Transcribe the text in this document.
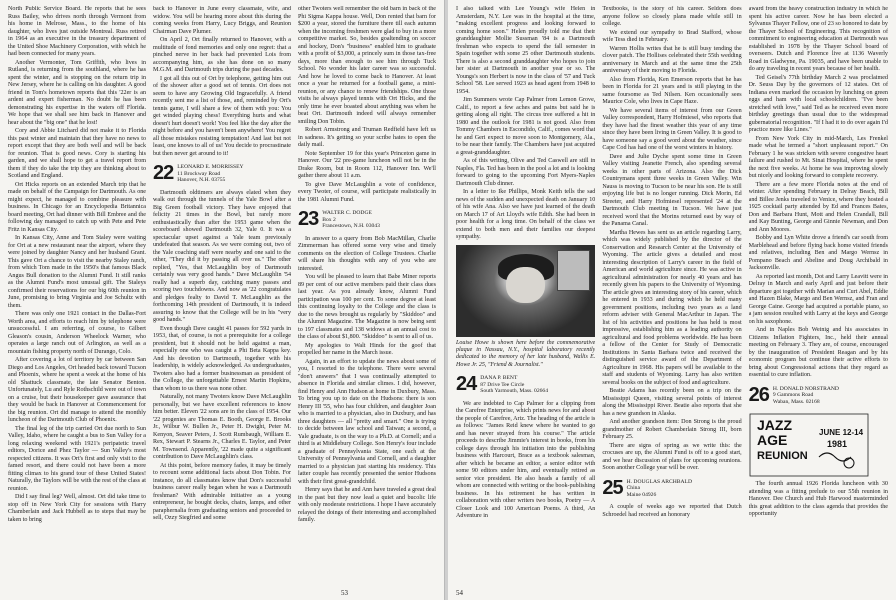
North Public Service Board. He reports that he sees Russ Bailey, who drives north through Vermont from his home in Melrose, Mass., to the home of his daughter, who lives just outside Montreal. Russ retired in 1964 as an executive in the treasury department of the United Shoe Machinery Corporation, with which he had been connected for many years.

Another Vermonter, Tom Griffith, who lives in Rutland, is returning from the southland, where he has spent the winter, and is stopping on the return trip in New Jersey, where he is calling on his daughter. A good friend in Tom's hometown reports that this '22er is an ardent and expert fisherman. No doubt he has been demonstrating his expertise in the waters off Florida. We hope that we shall see him back in Hanover and hear about the "big one" that he lost!

Cory and Abbie Litchard did not make it to Florida this past winter and maintain that they have no news to report except that they are both well and will be back for reunion. That is good news. Cory is starting his garden, and we shall hope to get a travel report from them if they do take the trip they are thinking about to Scotland and England.

Ort Hicks reports on an extended March trip that he made on behalf of the Campaign for Dartmouth. As one might expect, he managed to combine pleasure with business. In Chicago for an Encyclopedia Britannica board meeting, Ort had dinner with Bill Embree and the following day managed to catch up with Pete and Pete Fritz in Kansas City.

In Kansas City, Anne and Tom Staley were waiting for Ort at a new restaurant near the airport, where they were joined by daughter Nancy and her husband Grant. This gave Ort a chance to visit the nearby Staley ranch, from which Tom made in the 1950's that famous Black Angus Bull donation to the Alumni Fund. It still ranks as the Alumni Fund's most unusual gift. The Staleys confirmed their reservations for our big 60th reunion in June, promising to bring Virginia and Joe Schultz with them.

There was only one 1921 contact in the Dallas-Fort Worth area, and efforts to reach him by telephone were unsuccessful. I am referring, of course, to Gilbert Gleason's cousin, Anderson Wheelock Warner, who operates a large ranch out of Arlington, as well as a mountain fishing property north of Durango, Colo.

After covering a lot of territory by car between San Diego and Los Angeles, Ort headed back toward Tucson and Phoenix, where he spent a week at the home of his old Shattuck classmate, the late Senator Benton. Unfortunately, Lu and Ryle Rothschild were out of town on a cruise, but their housekeeper gave assurance that they would be back in Hanover at Commencement for the big reunion. Ort did manage to attend the monthly luncheon of the Dartmouth Club of Phoenix.

The final leg of the trip carried Ort due north to Sun Valley, Idaho, where he caught a bus to Sun Valley for a long relaxing weekend with 1921's peripatetic travel editors, Dorice and Phez Taylor — Sun Valley's most respected citizens. It was Ort's first and only visit to the famed resort, and there could not have been a more fitting climax to his grand tour of these United States! Naturally, the Taylors will be with the rest of the class at reunion.

Did I say final leg? Well, almost. Ort did take time to stop off in New York City for sessions with Harry Chamberlain and Jack Hubbell as to steps that may be taken to bring

back to Hanover in June every classmate, wife, and widow. You will be hearing more about this during the coming weeks from Harry, Lucy Briggs, and Reunion Chairman Dave Plumer.

On April 2, Ort finally returned to Hanover, with a multitude of fond memories and only one regret: that a pinched nerve in her back had prevented Lois from accompanying him, as she has done on so many M.G.M. and Dartmouth trips during the past decades.

I got all this out of Ort by telephone, getting him out of the shower after a good set of tennis. Ort does not seem to have any Growing Old Ingracefully. A friend recently sent me a list of those, and, reminded by Ort's tennis game, I will share a few of them with you: You get winded playing chess! Everything hurts and what doesn't hurt doesn't work! You feel like the day after the night before and you haven't been anywhere! You regret all those mistakes resisting temptation! And last but not least, one knows to all of us! You decide to procrastinate but then never get around to it!

22 LEONARD E. MORRISSEY
11 Brockway Road
Hanover, N.H. 03755

Dartmouth oldtimers are always elated when they walk out through the tunnels of the Yale Bowl after a Big Green football victory. They have enjoyed that felicity 21 times in the Bowl, but rarely more enthusiastically than after the 1953 game when the scoreboard showed Dartmouth 32, Yale 0. It was a spectacular upset against a Yale team previously undefeated that season. As we were coming out, two of the Yale coaching staff were nearby and one said to the other, "They did it by passing all over us." The other replied, "Yes, that McLaughlin boy of Dartmouth certainly was very good hands." Dave McLaughlin '54 really had a superb day, catching many passes and scoring two touchdowns. And now as '22 congratulates and pledges fealty to David T. McLaughlin as the forthcoming 14th president of Dartmouth, it is indeed assuring to know that the College will be in his "very good hands."

Even though Dave caught 41 passes for 592 yards in 1953, that, of course, is not a prerequisite for a college president, but it should not be held against a man, especially one who was caught a Phi Beta Kappa key. And his devotion to Dartmouth, together with his leadership, is widely acknowledged. As undergraduates, Twoters also had a former businessman as president of the College, the unforgettable Ernest Martin Hopkins, than whom to us there was none other.

Naturally, not many Twoters know Dave McLaughlin personally, but we have excellent references to know him better. Eleven '22 sons are in the class of 1954. Our '22 progenies are Thomas E. Booth, George E. Brooks Jr., Wilbur W. Bullen Jr., Peter H. Dwight, Peter M. Kenyon, Seaver Peters, J. Scott Rumbaugh, William E. Rex, Stewart P. Stearns Jr., Charles E. Taylor, and Peter M. Townsend. Apparently, '22 made quite a significant contribution to Dave McLaughlin's class.

At this point, before memory fades, it may be timely to recount some additional facts about Don Tobin. For instance, do all classmates know that Don's successful business career really began when he was a Dartmouth freshman? With admirable initiative as a young entrepreneur, he bought decks, chairs, lamps, and other paraphernalia from graduating seniors and proceeded to sell, Ozzy Siegfried and some

other Twoters well remember the old barn in back of the Phi Sigma Kappa house. Well, Don rented that barn for $200 a year, stored the furniture there till each autumn when the incoming freshmen were glad to buy in a more competitive market. So, besides goaltending on soccer and hockey, Don's "business" enabled him to graduate with a profit of $3,000, a princely sum in those tax-free days, more than enough to see him through Tuck School. No wonder his later career was so successful. And how he loved to come back to Hanover. At least once a year he returned for a football game, a mini-reunion, or any chance to renew friendships. One those visits he always played tennis with Ort Hicks, and the only time he ever boasted about anything was when he beat Ort. Dartmouth indeed will always remember smiling Don Tobin.

Robert Armstrong and Truman Redfield have left us in sadness. It's getting so your scribe hates to open the daily mail.

Note September 19 for this year's Princeton game in Hanover. Our '22 pre-game luncheon will not be in the Drake Room, but in Room 112, Hanover Inn. We'll gather there about 11 a.m.

To give Dave McLaughlin a vote of confidence, every Twoter, of course, will participate realistically in the 1981 Alumni Fund.

23 WALTER C. DODGE
Box 2
Francestown, N.H. 03043

In answer to a query from Bob MacMillan, Charlie Zimmerman has offered some very wise and timely comments on the election of College Trustees. Charlie will share his thoughts with any of you who are interested.

You will be pleased to learn that Babe Miner reports 89 per cent of our active members paid their class dues last year. As you already know, Alumni Fund participation was 100 per cent. To some degree at least this continuing loyalty to the College and the class is due to the news brought us regularly by "Skiddoo" and the Alumni Magazine. The Magazine is now being sent to 197 classmates and 138 widows at an annual cost to the class of about $1,800. "Skiddoo" is sent to all of us.

My apologies to Walt Hinds for the goof that propelled her name in the March issue.

Again, in an effort to update the news about some of you, I resorted to the telephone. There were several "don't answers" that I was continually attempted to absence in Florida and similar climes. I did, however, find Henry and Ann Hudson at home in Duxbury, Mass. To bring you up to date on the Hudsons: there is son Henry III '55, who has four children, and daughter Joan who is married to a physician, also in Duxbury, and has three daughters — all "pretty and smart." One is trying to decide between law school and Taiwan; a second, a Yale graduate, is on the way to a Ph.D. at Cornell; and a third is at Middlebury College. Son Henry's four include a graduate of Pennsylvania State, one each at the University of Pennsylvania and Cornell, and a daughter married to a physician just starting his residency. This latter couple has recently presented the senior Hudsons with their first great-grandchild.

Henry says that he and Ann have traveled a great deal in the past but they now lead a quiet and bucolic life with only moderate restrictions. I hope I have accurately relayed the doings of their interesting and accomplished family.

53

I also talked with Lee Young's wife Helen in Amsterdam, N.Y. Lee was in the hospital at the time, "making excellent progress and looking forward to coming home soon." Helen proudly told me that their granddaughter Mollie Sussman '84 is a Dartmouth freshman who expects to spend the fall semester in Spain together with some 25 other Dartmouth students. There is also a second granddaughter who hopes to join her sister at Dartmouth in another year or so. The Youngs's son Herbert is now in the class of '57 and Tuck School '58. Lee served 1923 as head agent from 1948 to 1954.

Jim Summers wrote Cap Palmer from Lemon Grove, Calif., to report a few aches and pains but said he is getting along all right. The circus tree suffered a hit in 1980 and the outlook for 1981 is not good. Also from Tommy Chambers in Escondido, Calif., comes word that he and Geri expect to move soon to Montgomery, Ala., to be near their family. The Chambers have just acquired a great-granddaughter.

As of this writing, Olive and Ted Caswell are still in Naples, Fla. Ted has been in the pool a lot and is looking forward to going to the upcoming Fort Myers-Naples Dartmouth Club dinner.

In a letter to Ike Phillips, Monk Keith tells the sad news of the sudden and unexpected death on January 10 of his wife Ana. Also we have just learned of the death on March 17 of Art Lloyd's wife Edith. She had been in poor health for a long time. On behalf of the class we extend to both men and their families our deepest sympathy.

Louise Howe is shown here before the commemorative plaque in Nassau, N.Y., hospital laboratory recently dedicated to the memory of her late husband, Wallis E. Howe Jr. 25, "Friend & Journalist."
24 DANA P. BENT
87 Drive Tee Circle
South Yarmouth, Mass. 02664

We are indebted to Cap Palmer for a clipping from the Carefree Enterprise, which prints news for and about the people of Carefree, Ariz. The heading of the article is as follows: "James Reid knew where he wanted to go and has never strayed from his course." The article proceeds to describe Jimmie's interest in books, from his college days through his initiation into the publishing business with Harcourt, Brace as a textbook salesman, after which he became an editor, a senior editor with some 90 editors under him, and eventually retired as senior vice president. He also heads a family of all whom are connected with writing or the book-publishing business. In his retirement he has written in collaboration with other writers two books, Poetry — A Closer Look and 100 American Poems. A third, An Adventure in

Textbooks, is the story of his career. Seldom does anyone follow so closely plans made while still in college.

We extend our sympathy to Brad Stafford, whose wife Tess died in February.

Warren Hollis writes that he is still busy tending the clover patch. The Hollises celebrated their 55th wedding anniversary in March and at the same time the 25th anniversary of their moving to Florida.

Also from Florida, Ken Emerson reports that he has been in Florida for 21 years and is still playing in the same foursome as Ted Nilsen. Ken occasionally sees Maurice Cole, who lives in Cape Haze.

We have several items of interest from our Green Valley correspondent, Harry Hofmiesel, who reports that they have had the finest weather this year of any time since they have been living in Green Valley. It is good to have someone say a good word about the weather, since Cape Cod has had one of the worst winters in history.

Dave and Julie Dyche spent some time in Green Valley visiting Jeanette French, also spending several weeks in other parts of Arizona. Also the Dick Countrymans spent three weeks in Green Valley. Win Nauss is moving to Tucson to be near his son. He is still enjoying life but is no longer running. Dick Morin, Ed Streeter, and Harry Hofmiesel represented '24 at the Dartmouth Club meeting in Tucson. We have just received word that the Morins returned east by way of the Panama Canal.

Martha Hewes has sent us an article regarding Larry, which was widely published by the director of the Conservation and Research Center at the University of Wyoming. The article gives a detailed and most interesting description of Larry's career in the field of American and world agriculture since. He was active in agricultural administration for nearly 40 years and has recently given his papers to the University of Wyoming. The article gives an interesting story of his career, which he entered in 1933 and during which he held many government positions, including two years as a land reform adviser with General MacArthur in Japan. The list of his activities and positions he has held is most impressive, establishing him as a leading authority on agricultural and food problems worldwide. He has been a fellow of the Center for Study of Democratic Institutions in Santa Barbara twice and received the distinguished service award of the Department of Agriculture in 1968. His papers will be available to the staff and students of Wyoming. Larry has also written several books on the subject of food and agriculture.

Beatie Adams has recently been on a trip on the Mississippi Queen, visiting several points of interest along the Mississippi River. Beatie also reports that she has a new grandson in Alaska.

And another grandson item: Don Strong is the proud grandmother of Robert Chamberlain Strong III, born February 25.

There are signs of spring as we write this: the crocuses are up, the Alumni Fund is off to a good start, and we hear discussion of plans for upcoming reunions. Soon another College year will be over.

25 H. DOUGLAS ARCHBALD
China
Maine 04926

A couple of weeks ago we reported that Dutch Schroedel had received an honorary

award from the heavy construction industry in which he spent his active career. Now he has been elected a Sylvanus Thayer Fellow, one of 23 so honored to date by the Thayer School of Engineering. This recognition of commitment to engineering education at Dartmouth was established in 1978 by the Thayer School board of overseers. Dutch and Florence live at 1136 Waverly Road in Gladwyne, Pa. 19035, and have been unable to do any traveling in recent years because of her health.

Ted Geisel's 77th birthday March 2 was proclaimed Dr. Seuss Day by the governors of 12 states. Ort of Indiana even marked the occasion by lunching on green eggs and ham with local schoolchildren. "I've been stretched with love," said Ted as he received even more birthday greetings than usual due to the widespread gubernatorial recognition. "If I had it to do over again I'd practice more like Lines."

From New York City in mid-March, Les Frenkel made what he termed a "short unpleasant report." On February 1 he was stricken with severe congestive heart failure and rushed to Mt. Sinai Hospital, where he spent the next five weeks. At home he was improving slowly but nicely and looking forward to complete recovery.

There are a few more Florida notes at the end of winter. After spending February in Delray Beach, Bill and Billee Jenks traveled to Venice, where they hosted a 1925 cocktail party attended by Ed and Frances Bates, Don and Barbara Hunt, Mott and Helen Crandall, Bill and Kay Bunting, George and Ginnie Newman, and Don and Ann Moores.

Bobby and Lyn White drove a friend's car south from Marblehead and before flying back home visited friends and relatives, including Ben and Margo Wernsz in Pompano Beach and Abeline and Doug Archibald in Jacksonville.

As reported last month, Dot and Larry Leavitt were in Delray in March and early April and just before their departure got together with Marian and Curt Abel, Eddie and Hazen Blake, Margo and Ben Wernsz, and Fran and George Caine. George had acquired a portable piano, so a jam session resulted with Larry at the keys and George on his saxophone.

And in Naples Bob Weinig and his associates in Citizens Inflation Fighters, Inc., held their annual meeting on February 3. They are, of course, encouraged by the inauguration of President Reagan and by his economic program but continue their active efforts to bring about Congressional actions that they regard as essential to cure inflation.

26 H. DONALD NORSTRAND
9 Gammons Road
Waban, Mass. 02168
JAZZ
AGE
REUNION
JUNE 12-14
1981

The fourth annual 1926 Florida luncheon with 30 attending was a fitting prelude to our 55th reunion in Hanover. Dee Church and Hub Harwood masterminded this great addition to the class agenda that provides the opportunity

54
